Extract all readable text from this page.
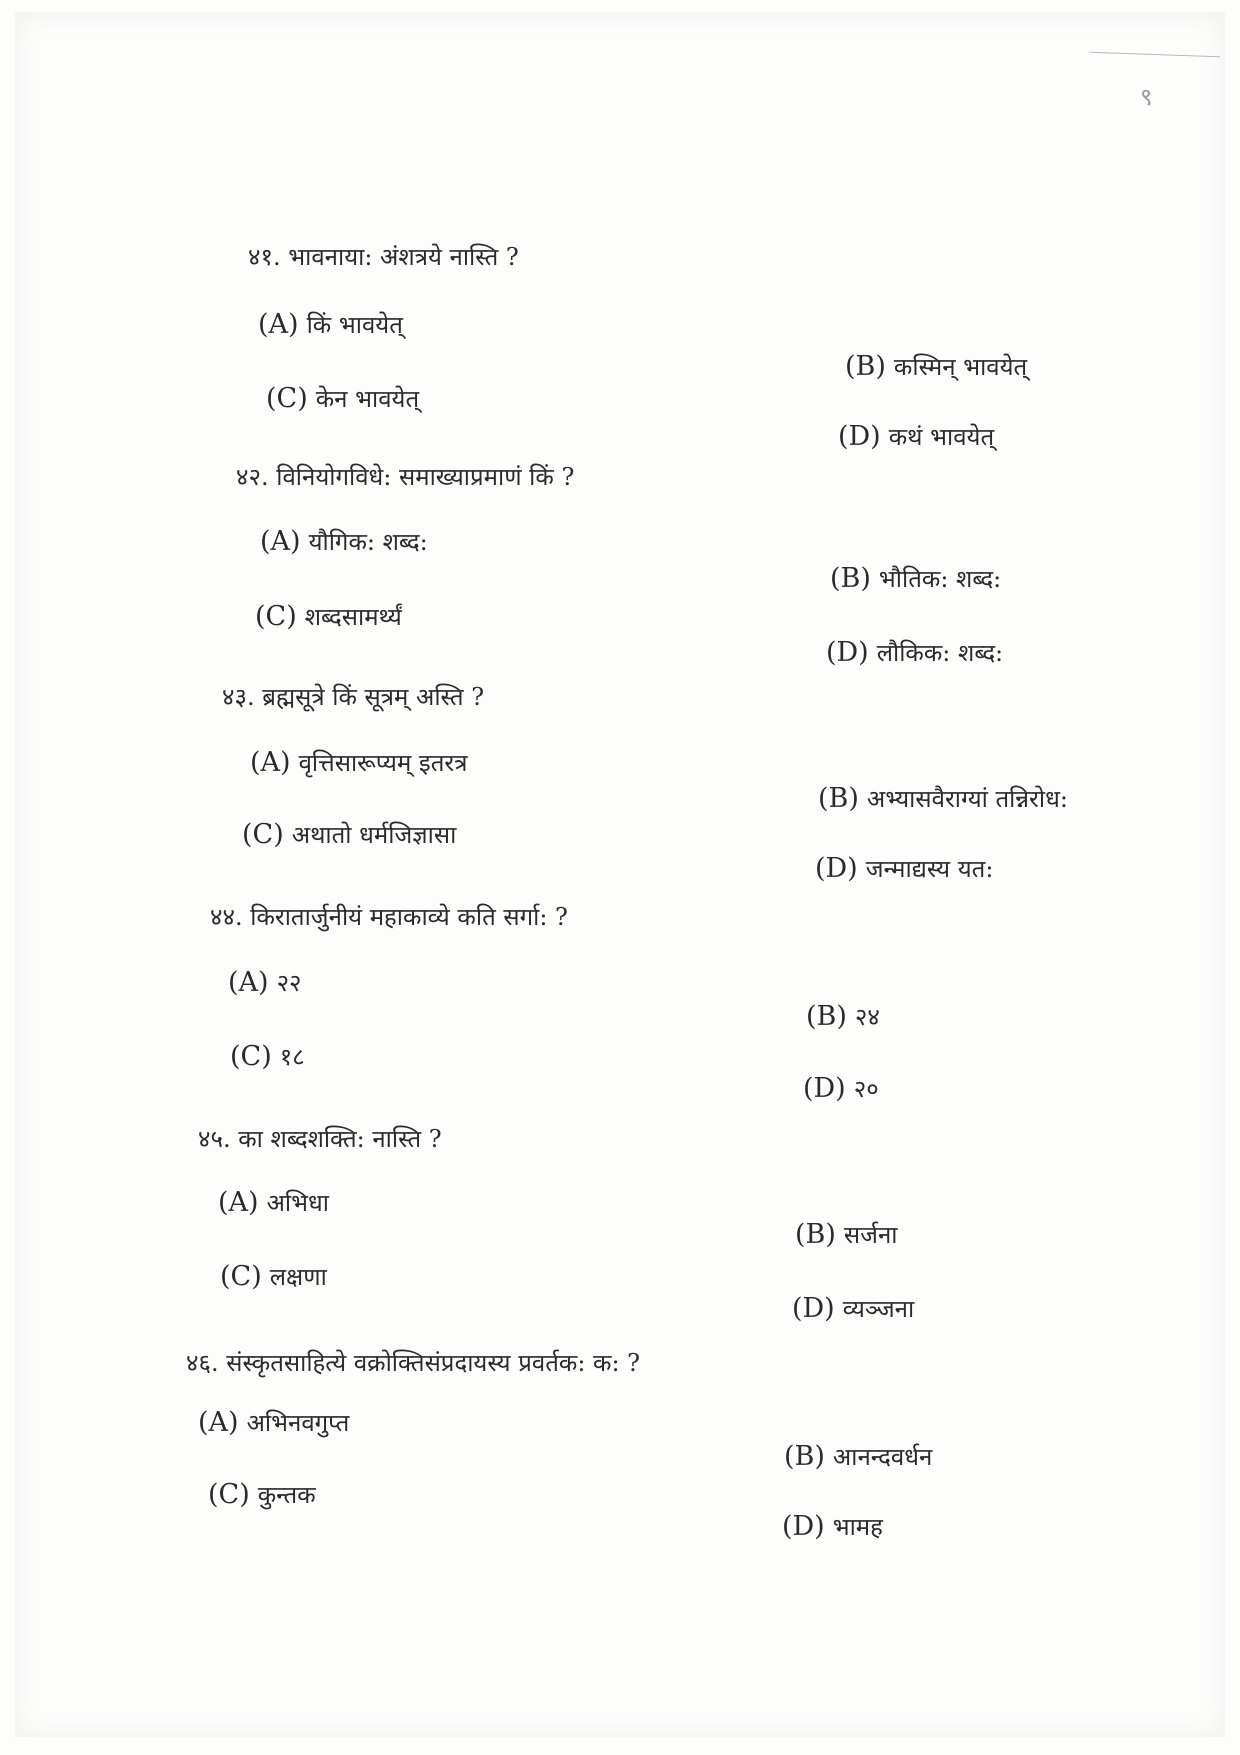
९
४१. भावनाया: अंशत्रये नास्ति ?
(A) किं भावयेत्
(B) कस्मिन् भावयेत्
(C) केन भावयेत्
(D) कथं भावयेत्
४२. विनियोगविधे: समाख्याप्रमाणं किं ?
(A) यौगिक: शब्द:
(B) भौतिक: शब्द:
(C) शब्दसामर्थ्यं
(D) लौकिक: शब्द:
४३. ब्रह्मसूत्रे किं सूत्रम् अस्ति ?
(A) वृत्तिसारूप्यम् इतरत्र
(B) अभ्यासवैराग्यां तन्निरोध:
(C) अथातो धर्मजिज्ञासा
(D) जन्माद्यस्य यत:
४४. किरातार्जुनीयं महाकाव्ये कति सर्गा: ?
(A) २२
(B) २४
(C) १८
(D) २०
४५. का शब्दशक्ति: नास्ति ?
(A) अभिधा
(B) सर्जना
(C) लक्षणा
(D) व्यञ्जना
४६. संस्कृतसाहित्ये वक्रोक्तिसंप्रदायस्य प्रवर्तक: क: ?
(A) अभिनवगुप्त
(B) आनन्दवर्धन
(C) कुन्तक
(D) भामह
